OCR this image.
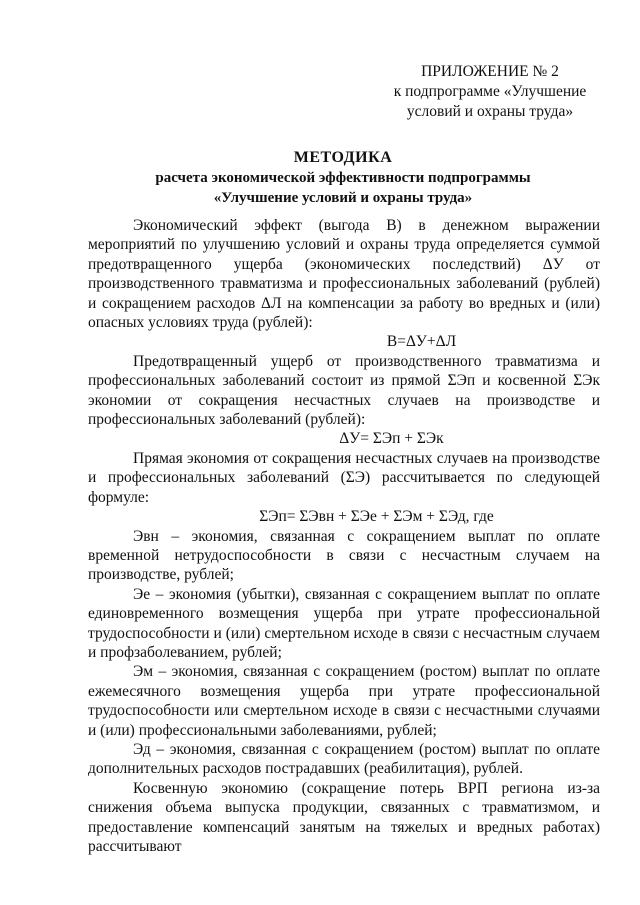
ПРИЛОЖЕНИЕ № 2
к подпрограмме «Улучшение
условий и охраны труда»
МЕТОДИКА
расчета экономической эффективности подпрограммы
«Улучшение условий и охраны труда»

Экономический эффект (выгода В) в денежном выражении мероприятий по улучшению условий и охраны труда определяется суммой предотвращенного ущерба (экономических последствий) ΔУ от производственного травматизма и профессиональных заболеваний (рублей) и сокращением расходов ΔЛ на компенсации за работу во вредных и (или) опасных условиях труда (рублей):

В=ΔУ+ΔЛ

Предотвращенный ущерб от производственного травматизма и профессиональных заболеваний состоит из прямой ΣЭп и косвенной ΣЭк экономии от сокращения несчастных случаев на производстве и профессиональных заболеваний (рублей):

ΔУ= ΣЭп + ΣЭк

Прямая экономия от сокращения несчастных случаев на производстве и профессиональных заболеваний (ΣЭ) рассчитывается по следующей формуле:

ΣЭп= ΣЭвн + ΣЭе + ΣЭм + ΣЭд, где

Эвн – экономия, связанная с сокращением выплат по оплате временной нетрудоспособности в связи с несчастным случаем на производстве, рублей;

Эе – экономия (убытки), связанная с сокращением выплат по оплате единовременного возмещения ущерба при утрате профессиональной трудоспособности и (или) смертельном исходе в связи с несчастным случаем и профзаболеванием, рублей;

Эм – экономия, связанная с сокращением (ростом) выплат по оплате ежемесячного возмещения ущерба при утрате профессиональной трудоспособности или смертельном исходе в связи с несчастными случаями и (или) профессиональными заболеваниями, рублей;

Эд – экономия, связанная с сокращением (ростом) выплат по оплате дополнительных расходов пострадавших (реабилитация), рублей.

Косвенную экономию (сокращение потерь ВРП региона из-за снижения объема выпуска продукции, связанных с травматизмом, и предоставление компенсаций занятым на тяжелых и вредных работах) рассчитывают
